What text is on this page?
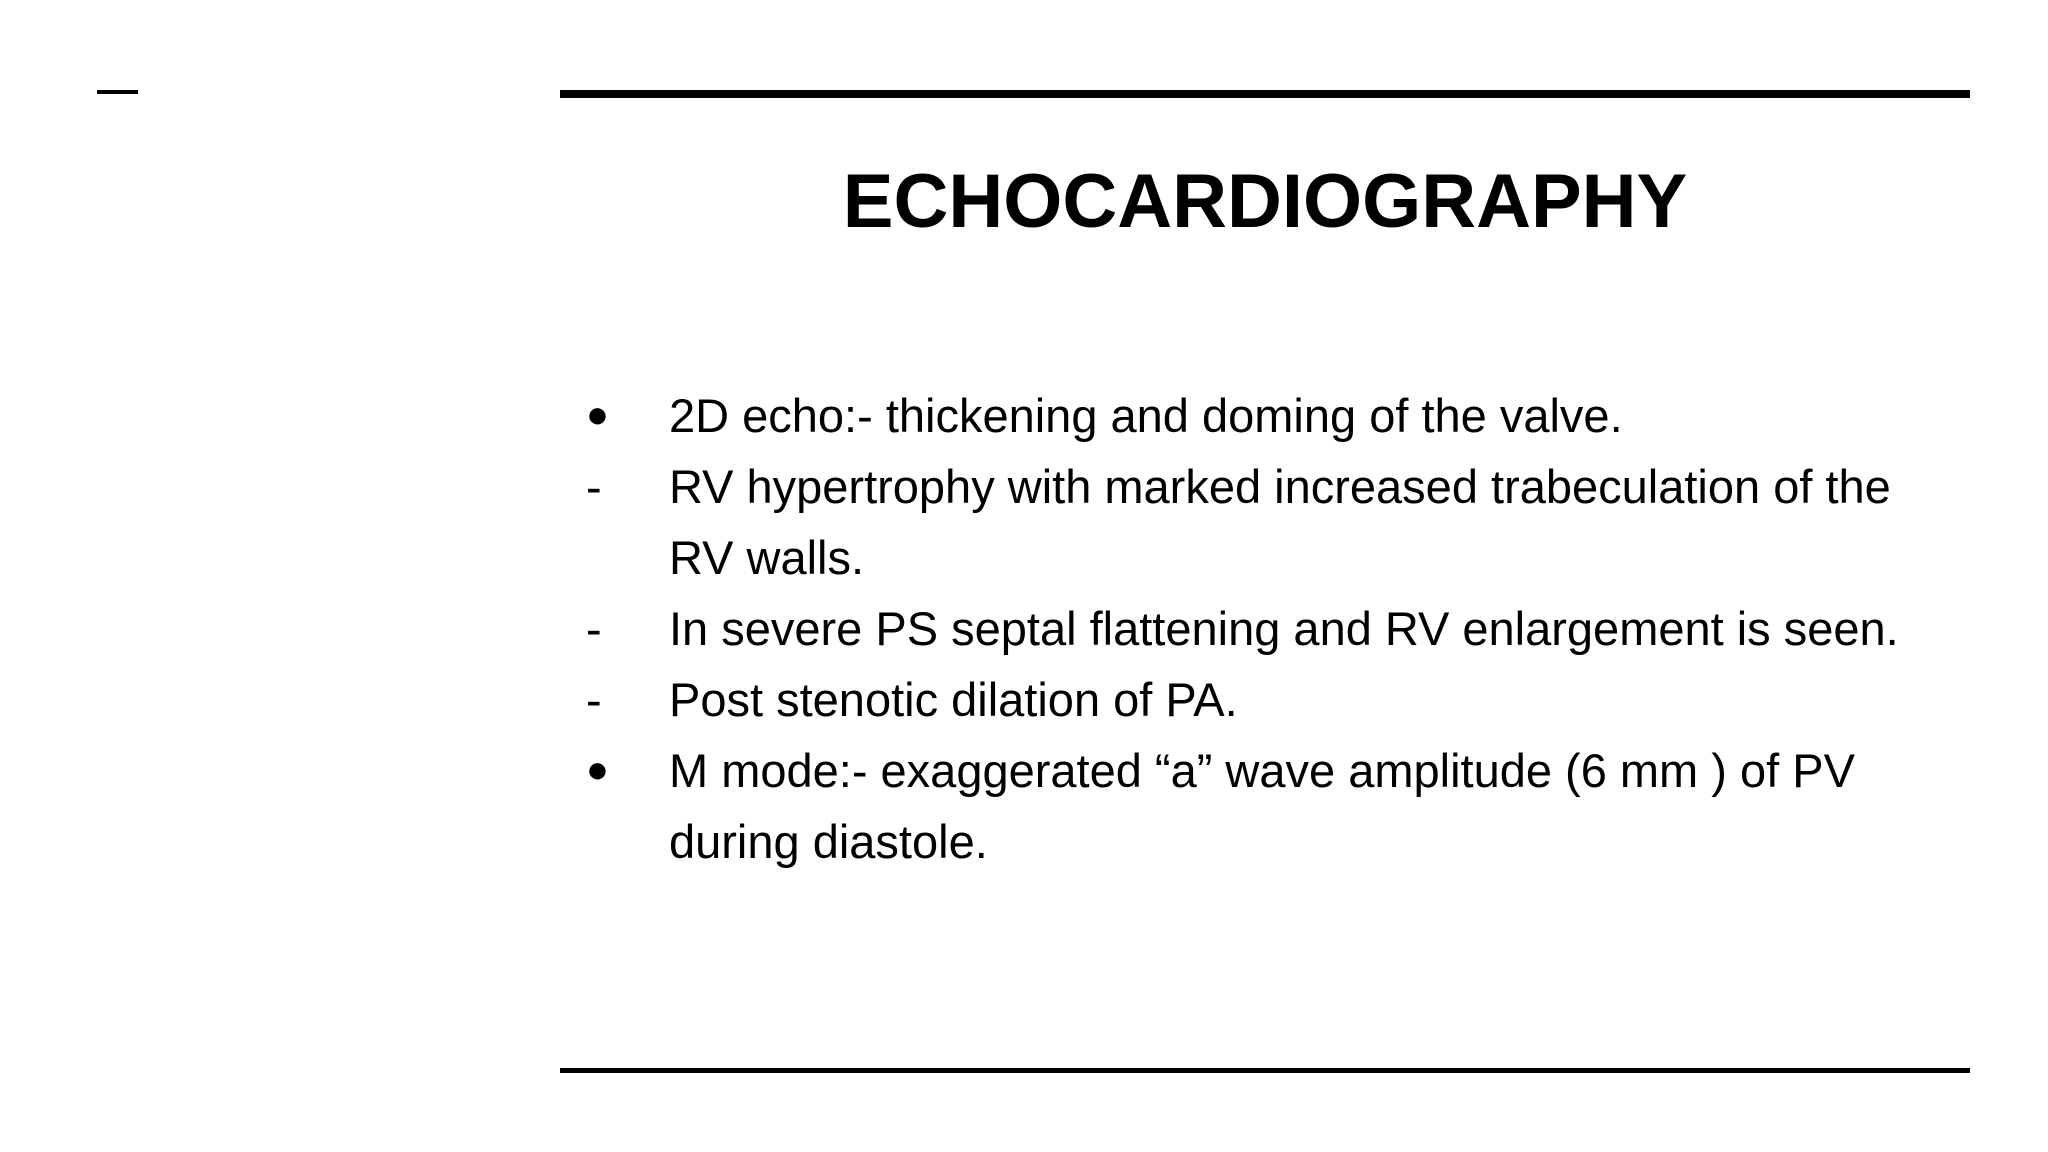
ECHOCARDIOGRAPHY
●	2D echo:- thickening and doming of the valve.
-	RV hypertrophy with marked increased trabeculation of the RV walls.
-	In severe PS septal flattening and RV enlargement is seen.
-	Post stenotic dilation of PA.
●	M mode:- exaggerated “a” wave amplitude (6 mm ) of PV during diastole.
